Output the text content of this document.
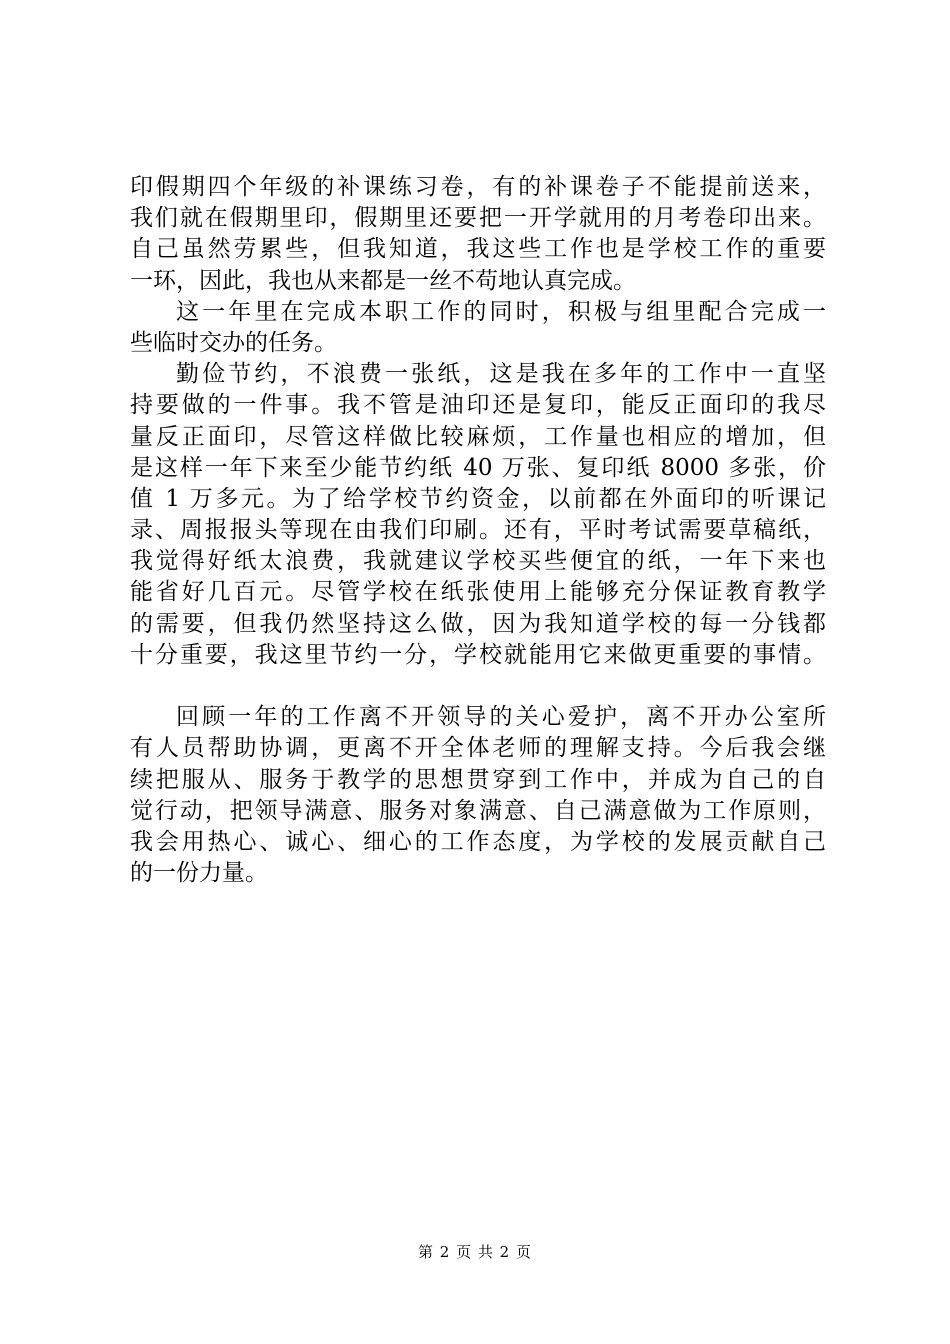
印假期四个年级的补课练习卷，有的补课卷子不能提前送来，
我们就在假期里印，假期里还要把一开学就用的月考卷印出来。
自己虽然劳累些，但我知道，我这些工作也是学校工作的重要
一环，因此，我也从来都是一丝不苟地认真完成。
这一年里在完成本职工作的同时，积极与组里配合完成一
些临时交办的任务。
勤俭节约，不浪费一张纸，这是我在多年的工作中一直坚
持要做的一件事。我不管是油印还是复印，能反正面印的我尽
量反正面印，尽管这样做比较麻烦，工作量也相应的增加，但
是这样一年下来至少能节约纸 40 万张、复印纸 8000 多张，价
值 1 万多元。为了给学校节约资金，以前都在外面印的听课记
录、周报报头等现在由我们印刷。还有，平时考试需要草稿纸，
我觉得好纸太浪费，我就建议学校买些便宜的纸，一年下来也
能省好几百元。尽管学校在纸张使用上能够充分保证教育教学
的需要，但我仍然坚持这么做，因为我知道学校的每一分钱都
十分重要，我这里节约一分，学校就能用它来做更重要的事情。
回顾一年的工作离不开领导的关心爱护，离不开办公室所
有人员帮助协调，更离不开全体老师的理解支持。今后我会继
续把服从、服务于教学的思想贯穿到工作中，并成为自己的自
觉行动，把领导满意、服务对象满意、自己满意做为工作原则，
我会用热心、诚心、细心的工作态度，为学校的发展贡献自己
的一份力量。
第 2 页 共 2 页
